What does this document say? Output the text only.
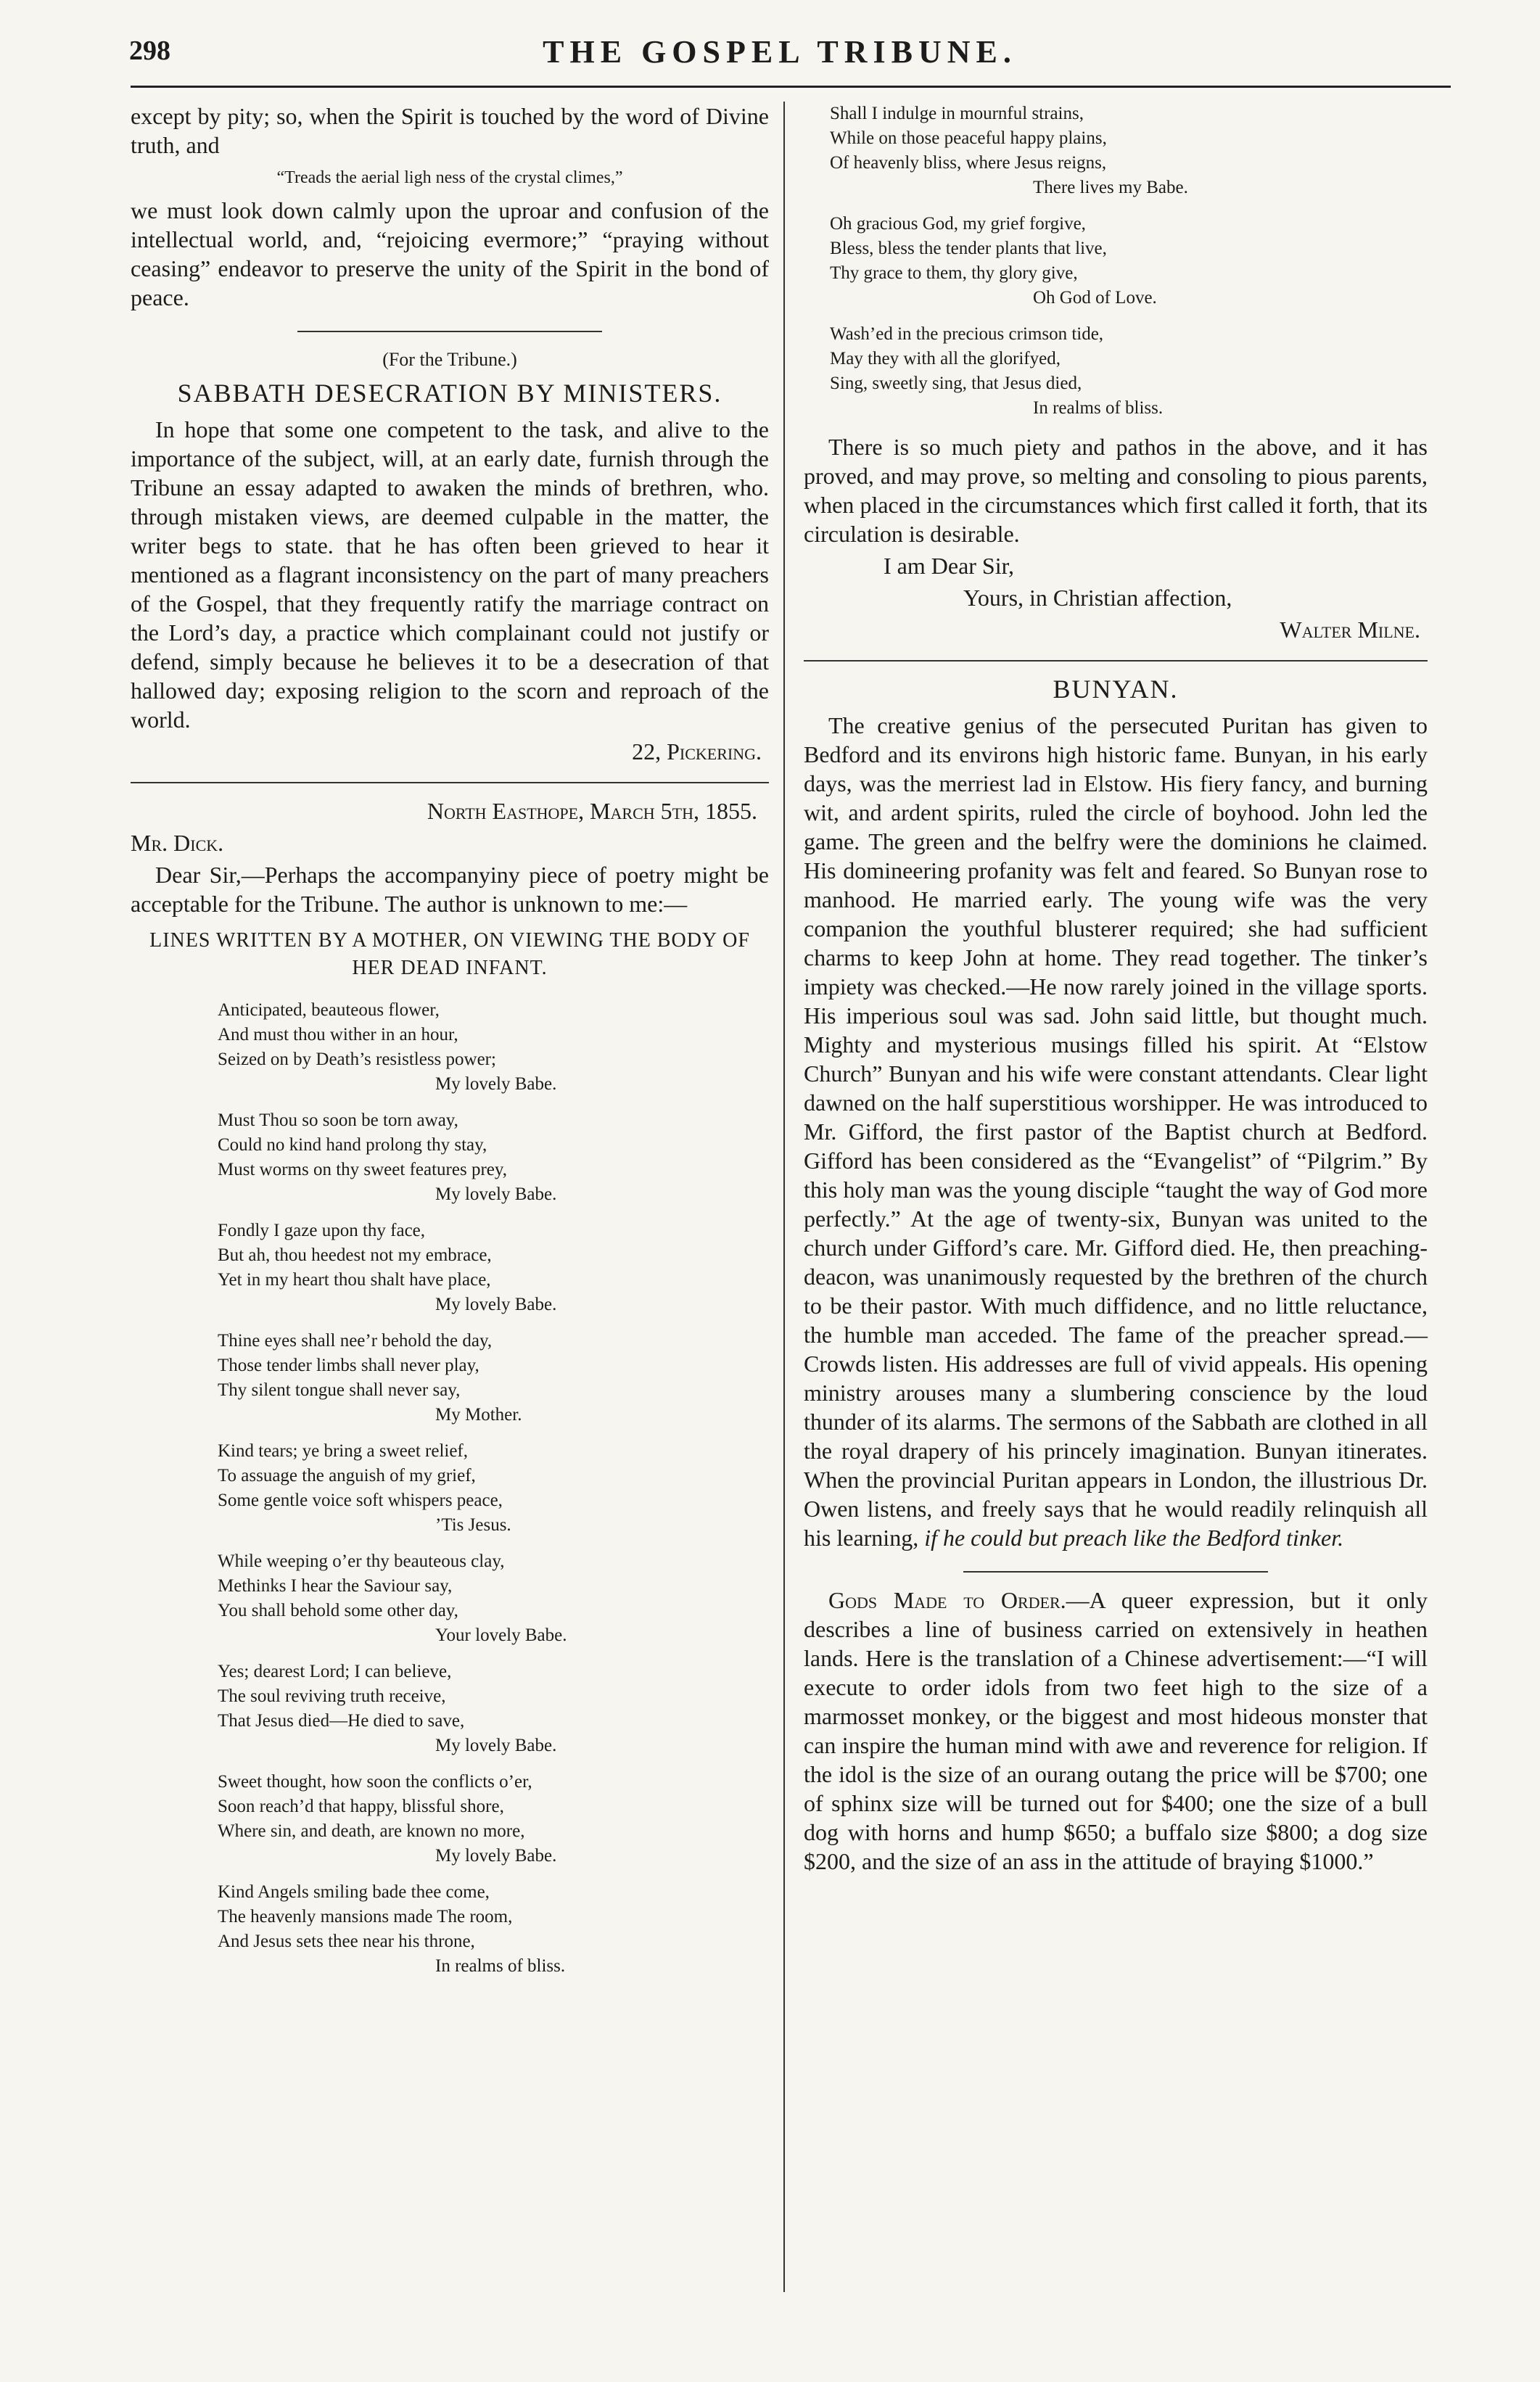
298	THE GOSPEL TRIBUNE.

except by pity; so, when the Spirit is touched by the word of Divine truth, and

“Treads the aerial ligh ness of the crystal climes,”

we must look down calmly upon the uproar and confusion of the intellectual world, and, “rejoicing evermore;” “praying without ceasing” endeavor to preserve the unity of the Spirit in the bond of peace.

(For the Tribune.)
SABBATH DESECRATION BY MINISTERS.

In hope that some one competent to the task, and alive to the importance of the subject, will, at an early date, furnish through the Tribune an essay adapted to awaken the minds of brethren, who. through mistaken views, are deemed culpable in the matter, the writer begs to state. that he has often been grieved to hear it mentioned as a flagrant inconsistency on the part of many preachers of the Gospel, that they frequently ratify the marriage contract on the Lord’s day, a practice which complainant could not justify or defend, simply because he believes it to be a desecration of that hallowed day; exposing religion to the scorn and reproach of the world.

22, Pickering.

North Easthope, March 5th, 1855.

Mr. Dick.

Dear Sir,—Perhaps the accompanyiny piece of poetry might be acceptable for the Tribune. The author is unknown to me:—

LINES WRITTEN BY A MOTHER, ON VIEWING THE BODY OF HER DEAD INFANT.
Anticipated, beauteous flower,
And must thou wither in an hour,
Seized on by Death’s resistless power;
My lovely Babe.
Must Thou so soon be torn away,
Could no kind hand prolong thy stay,
Must worms on thy sweet features prey,
My lovely Babe.
Fondly I gaze upon thy face,
But ah, thou heedest not my embrace,
Yet in my heart thou shalt have place,
My lovely Babe.
Thine eyes shall nee’r behold the day,
Those tender limbs shall never play,
Thy silent tongue shall never say,
My Mother.
Kind tears; ye bring a sweet relief,
To assuage the anguish of my grief,
Some gentle voice soft whispers peace,
’Tis Jesus.
While weeping o’er thy beauteous clay,
Methinks I hear the Saviour say,
You shall behold some other day,
Your lovely Babe.
Yes; dearest Lord; I can believe,
The soul reviving truth receive,
That Jesus died—He died to save,
My lovely Babe.
Sweet thought, how soon the conflicts o’er,
Soon reach’d that happy, blissful shore,
Where sin, and death, are known no more,
My lovely Babe.
Kind Angels smiling bade thee come,
The heavenly mansions made The room,
And Jesus sets thee near his throne,
In realms of bliss.
Shall I indulge in mournful strains,
While on those peaceful happy plains,
Of heavenly bliss, where Jesus reigns,
There lives my Babe.
Oh gracious God, my grief forgive,
Bless, bless the tender plants that live,
Thy grace to them, thy glory give,
Oh God of Love.
Wash’ed in the precious crimson tide,
May they with all the glorifyed,
Sing, sweetly sing, that Jesus died,
In realms of bliss.

There is so much piety and pathos in the above, and it has proved, and may prove, so melting and consoling to pious parents, when placed in the circumstances which first called it forth, that its circulation is desirable.

I am Dear Sir,

Yours, in Christian affection,

Walter Milne.

BUNYAN.

The creative genius of the persecuted Puritan has given to Bedford and its environs high historic fame. Bunyan, in his early days, was the merriest lad in Elstow. His fiery fancy, and burning wit, and ardent spirits, ruled the circle of boyhood. John led the game. The green and the belfry were the dominions he claimed. His domineering profanity was felt and feared. So Bunyan rose to manhood. He married early. The young wife was the very companion the youthful blusterer required; she had sufficient charms to keep John at home. They read together. The tinker’s impiety was checked.—He now rarely joined in the village sports. His imperious soul was sad. John said little, but thought much. Mighty and mysterious musings filled his spirit. At “Elstow Church” Bunyan and his wife were constant attendants. Clear light dawned on the half superstitious worshipper. He was introduced to Mr. Gifford, the first pastor of the Baptist church at Bedford. Gifford has been considered as the “Evangelist” of “Pilgrim.” By this holy man was the young disciple “taught the way of God more perfectly.” At the age of twenty-six, Bunyan was united to the church under Gifford’s care. Mr. Gifford died. He, then preaching-deacon, was unanimously requested by the brethren of the church to be their pastor. With much diffidence, and no little reluctance, the humble man acceded. The fame of the preacher spread.—Crowds listen. His addresses are full of vivid appeals. His opening ministry arouses many a slumbering conscience by the loud thunder of its alarms. The sermons of the Sabbath are clothed in all the royal drapery of his princely imagination. Bunyan itinerates. When the provincial Puritan appears in London, the illustrious Dr. Owen listens, and freely says that he would readily relinquish all his learning, if he could but preach like the Bedford tinker.

Gods Made to Order.—A queer expression, but it only describes a line of business carried on extensively in heathen lands. Here is the translation of a Chinese advertisement:—“I will execute to order idols from two feet high to the size of a marmosset monkey, or the biggest and most hideous monster that can inspire the human mind with awe and reverence for religion. If the idol is the size of an ourang outang the price will be $700; one of sphinx size will be turned out for $400; one the size of a bull dog with horns and hump $650; a buffalo size $800; a dog size $200, and the size of an ass in the attitude of braying $1000.”
